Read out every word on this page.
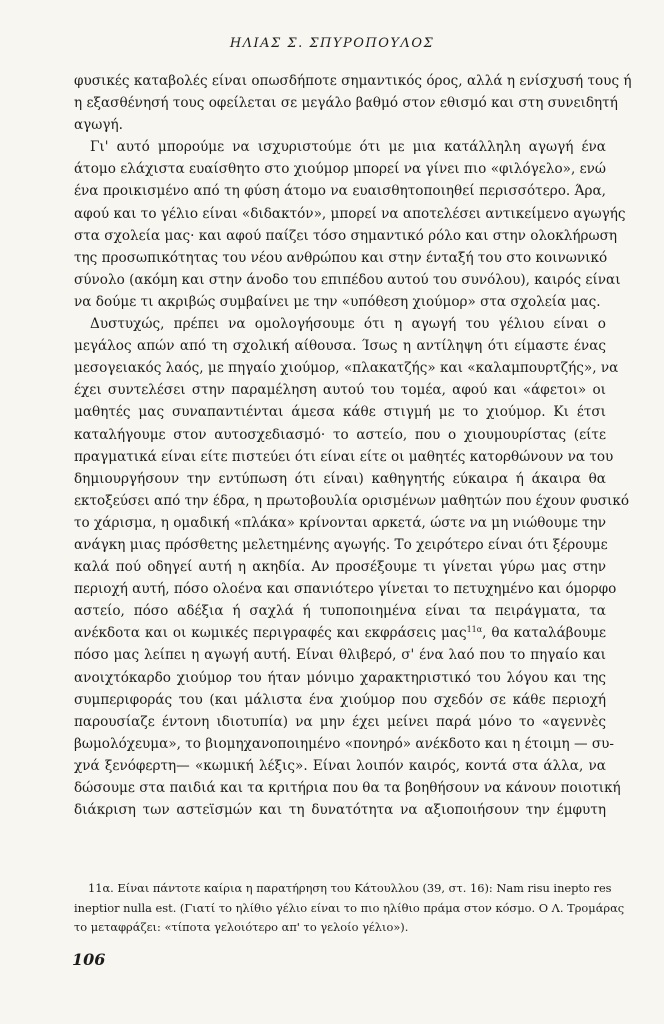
ΗΛΙΑΣ Σ. ΣΠΥΡΟΠΟΥΛΟΣ
φυσικές καταβολές είναι οπωσδήποτε σημαντικός όρος, αλλά η ενίσχυσή τους ή
η εξασθένησή τους οφείλεται σε μεγάλο βαθμό στον εθισμό και στη συνειδητή
αγωγή.
Γι' αυτό μπορούμε να ισχυριστούμε ότι με μια κατάλληλη αγωγή ένα
άτομο ελάχιστα ευαίσθητο στο χιούμορ μπορεί να γίνει πιο «φιλόγελο», ενώ
ένα προικισμένο από τη φύση άτομο να ευαισθητοποιηθεί περισσότερο. Άρα,
αφού και το γέλιο είναι «διδακτόν», μπορεί να αποτελέσει αντικείμενο αγωγής
στα σχολεία μας· και αφού παίζει τόσο σημαντικό ρόλο και στην ολοκλήρωση
της προσωπικότητας του νέου ανθρώπου και στην ένταξή του στο κοινωνικό
σύνολο (ακόμη και στην άνοδο του επιπέδου αυτού του συνόλου), καιρός είναι
να δούμε τι ακριβώς συμβαίνει με την «υπόθεση χιούμορ» στα σχολεία μας.
Δυστυχώς, πρέπει να ομολογήσουμε ότι η αγωγή του γέλιου είναι ο
μεγάλος απών από τη σχολική αίθουσα. Ίσως η αντίληψη ότι είμαστε ένας
μεσογειακός λαός, με πηγαίο χιούμορ, «πλακατζής» και «καλαμπουρτζής», να
έχει συντελέσει στην παραμέληση αυτού του τομέα, αφού και «άφετοι» οι
μαθητές μας συναπαντιένται άμεσα κάθε στιγμή με το χιούμορ. Κι έτσι
καταλήγουμε στον αυτοσχεδιασμό· το αστείο, που ο χιουμουρίστας (είτε
πραγματικά είναι είτε πιστεύει ότι είναι είτε οι μαθητές κατορθώνουν να του
δημιουργήσουν την εντύπωση ότι είναι) καθηγητής εύκαιρα ή άκαιρα θα
εκτοξεύσει από την έδρα, η πρωτοβουλία ορισμένων μαθητών που έχουν φυσικό
το χάρισμα, η ομαδική «πλάκα» κρίνονται αρκετά, ώστε να μη νιώθουμε την
ανάγκη μιας πρόσθετης μελετημένης αγωγής. Το χειρότερο είναι ότι ξέρουμε
καλά πού οδηγεί αυτή η ακηδία. Αν προσέξουμε τι γίνεται γύρω μας στην
περιοχή αυτή, πόσο ολοένα και σπανιότερο γίνεται το πετυχημένο και όμορφο
αστείο, πόσο αδέξια ή σαχλά ή τυποποιημένα είναι τα πειράγματα, τα
ανέκδοτα και οι κωμικές περιγραφές και εκφράσεις μας$^{11\alpha}$, θα καταλάβουμε
πόσο μας λείπει η αγωγή αυτή. Είναι θλιβερό, σ' ένα λαό που το πηγαίο και
ανοιχτόκαρδο χιούμορ του ήταν μόνιμο χαρακτηριστικό του λόγου και της
συμπεριφοράς του (και μάλιστα ένα χιούμορ που σχεδόν σε κάθε περιοχή
παρουσίαζε έντονη ιδιοτυπία) να μην έχει μείνει παρά μόνο το «αγεννὲς
βωμολόχευμα», το βιομηχανοποιημένο «πονηρό» ανέκδοτο και η έτοιμη — συ-
χνά ξενόφερτη— «κωμική λέξις». Είναι λοιπόν καιρός, κοντά στα άλλα, να
δώσουμε στα παιδιά και τα κριτήρια που θα τα βοηθήσουν να κάνουν ποιοτική
διάκριση των αστεϊσμών και τη δυνατότητα να αξιοποιήσουν την έμφυτη
11α. Είναι πάντοτε καίρια η παρατήρηση του Κάτουλλου (39, στ. 16): Nam risu inepto res
ineptior nulla est. (Γιατί το ηλίθιο γέλιο είναι το πιο ηλίθιο πράμα στον κόσμο. Ο Λ. Τρομάρας
το μεταφράζει: «τίποτα γελοιότερο απ' το γελοίο γέλιο»).
106
